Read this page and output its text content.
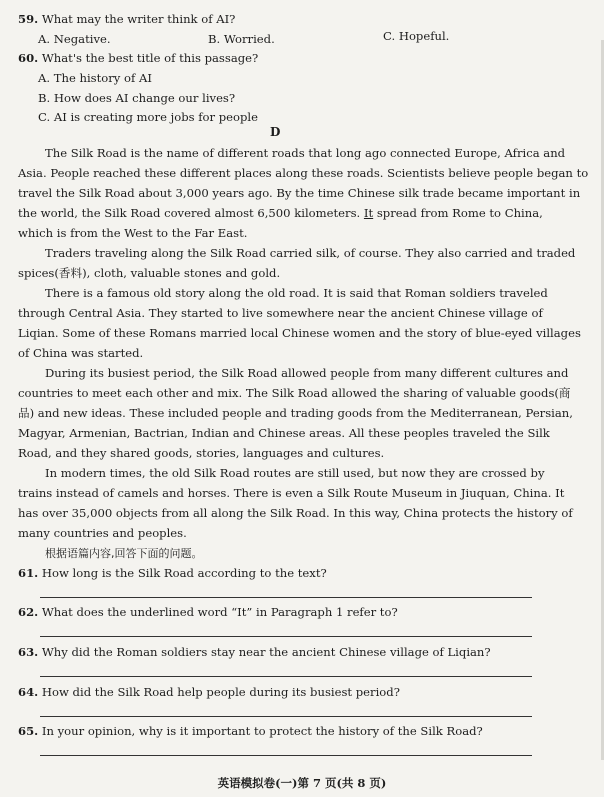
59. What may the writer think of AI?
A. Negative.	B. Worried.	C. Hopeful.
60. What's the best title of this passage?
A. The history of AI
B. How does AI change our lives?
C. AI is creating more jobs for people
D
The Silk Road is the name of different roads that long ago connected Europe, Africa and
Asia. People reached these different places along these roads. Scientists believe people began to
travel the Silk Road about 3,000 years ago. By the time Chinese silk trade became important in
the world, the Silk Road covered almost 6,500 kilometers. It spread from Rome to China,
which is from the West to the Far East.
Traders traveling along the Silk Road carried silk, of course. They also carried and traded
spices(香料), cloth, valuable stones and gold.
There is a famous old story along the old road. It is said that Roman soldiers traveled
through Central Asia. They started to live somewhere near the ancient Chinese village of
Liqian. Some of these Romans married local Chinese women and the story of blue-eyed villages
of China was started.
During its busiest period, the Silk Road allowed people from many different cultures and
countries to meet each other and mix. The Silk Road allowed the sharing of valuable goods(商
品) and new ideas. These included people and trading goods from the Mediterranean, Persian,
Magyar, Armenian, Bactrian, Indian and Chinese areas. All these peoples traveled the Silk
Road, and they shared goods, stories, languages and cultures.
In modern times, the old Silk Road routes are still used, but now they are crossed by
trains instead of camels and horses. There is even a Silk Route Museum in Jiuquan, China. It
has over 35,000 objects from all along the Silk Road. In this way, China protects the history of
many countries and peoples.
根据语篇内容,回答下面的问题。
61. How long is the Silk Road according to the text?
62. What does the underlined word “It” in Paragraph 1 refer to?
63. Why did the Roman soldiers stay near the ancient Chinese village of Liqian?
64. How did the Silk Road help people during its busiest period?
65. In your opinion, why is it important to protect the history of the Silk Road?
英语模拟卷(一)第 7 页(共 8 页)
